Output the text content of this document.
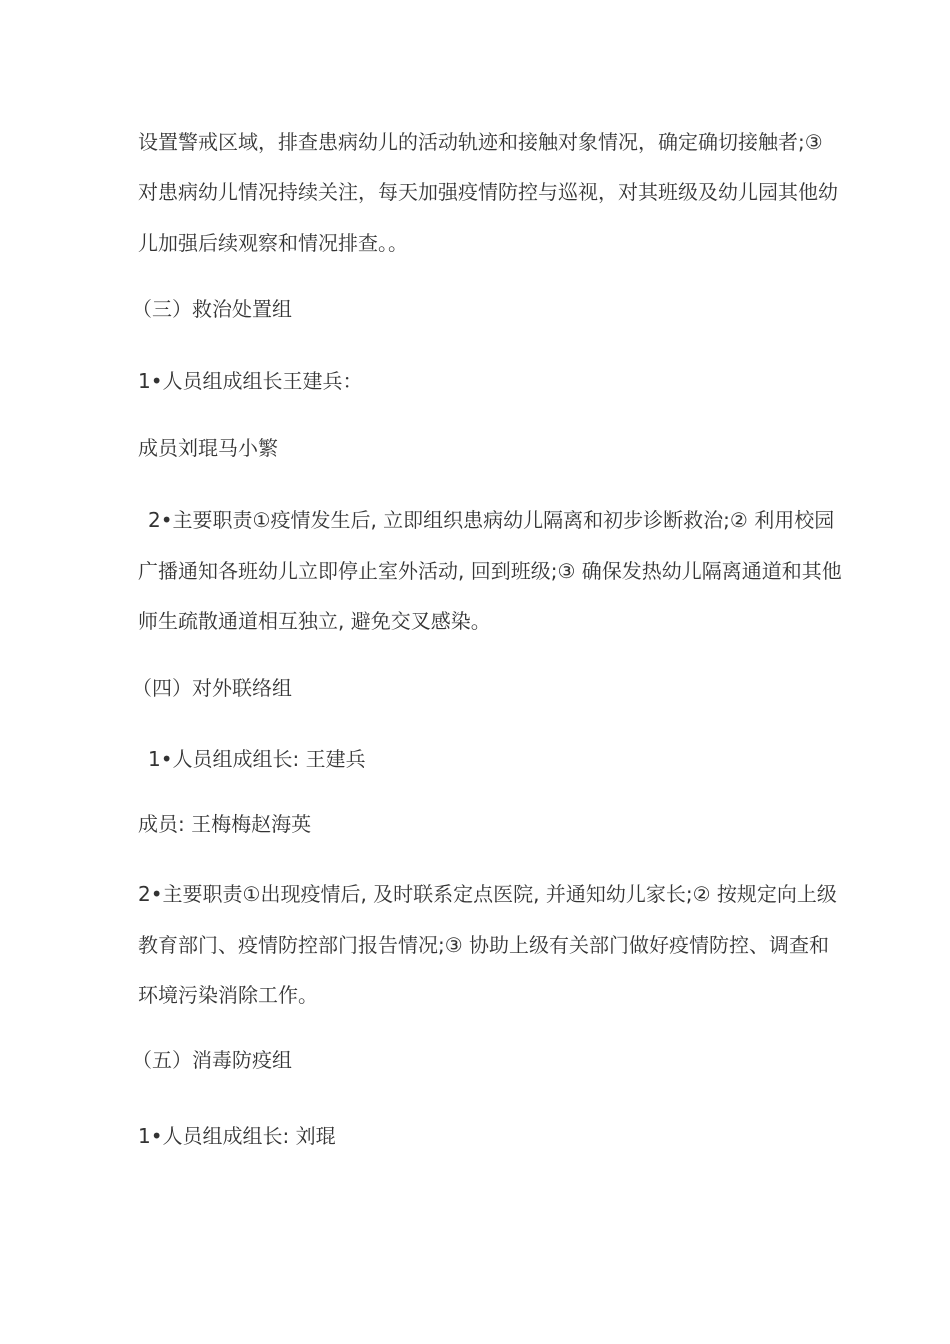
设置警戒区域，排查患病幼儿的活动轨迹和接触对象情况，确定确切接触者;③
对患病幼儿情况持续关注，每天加强疫情防控与巡视，对其班级及幼儿园其他幼
儿加强后续观察和情况排查。。
（三）救治处置组
1•人员组成组长王建兵：
成员刘琨马小繁
2•主要职责①疫情发生后, 立即组织患病幼儿隔离和初步诊断救治;② 利用校园
广播通知各班幼儿立即停止室外活动, 回到班级;③ 确保发热幼儿隔离通道和其他
师生疏散通道相互独立, 避免交叉感染。
（四）对外联络组
1•人员组成组长: 王建兵
成员: 王梅梅赵海英
2•主要职责①出现疫情后, 及时联系定点医院, 并通知幼儿家长;② 按规定向上级
教育部门、疫情防控部门报告情况;③ 协助上级有关部门做好疫情防控、调查和
环境污染消除工作。
（五）消毒防疫组
1•人员组成组长: 刘琨
